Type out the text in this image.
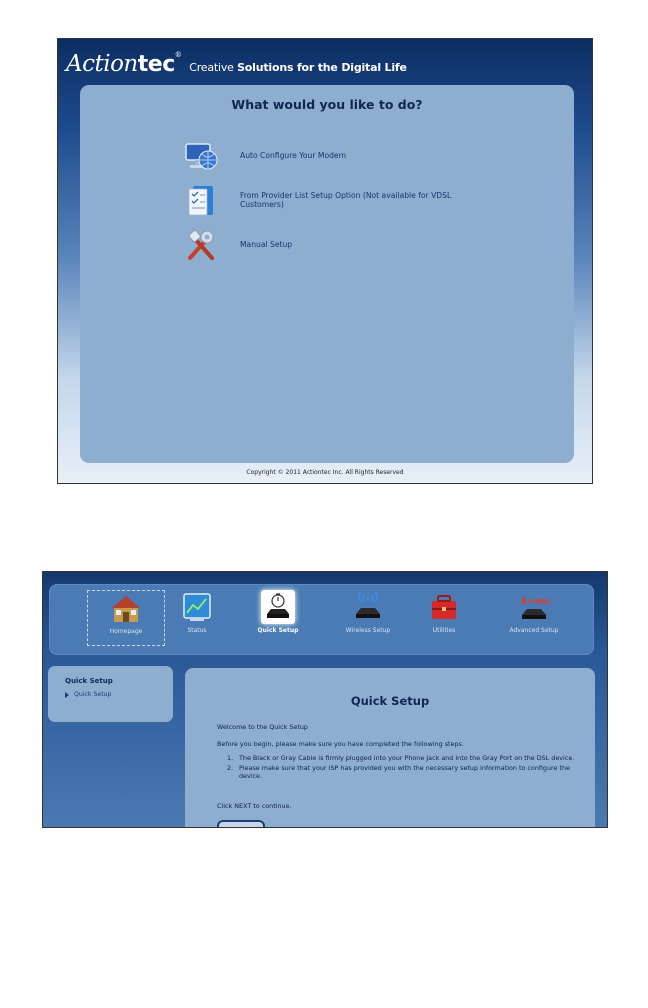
Actiontec®
Creative Solutions for the Digital Life
What would you like to do?
Auto Configure Your Modem
From Provider List Setup Option (Not available for VDSL Customers)
Manual Setup
Copyright © 2011 Actiontec Inc. All Rights Reserved
Homepage	Status	Quick Setup	Wireless Setup	Utilities
E=mc²
Advanced Setup
Quick Setup
Quick Setup	Quick Setup
Welcome to the Quick Setup
Before you begin, please make sure you have completed the following steps.
1. The Black or Gray Cable is firmly plugged into your Phone Jack and into the Gray Port on the DSL device.
2. Please make sure that your ISP has provided you with the necessary setup information to configure the device.
Click NEXT to continue.
